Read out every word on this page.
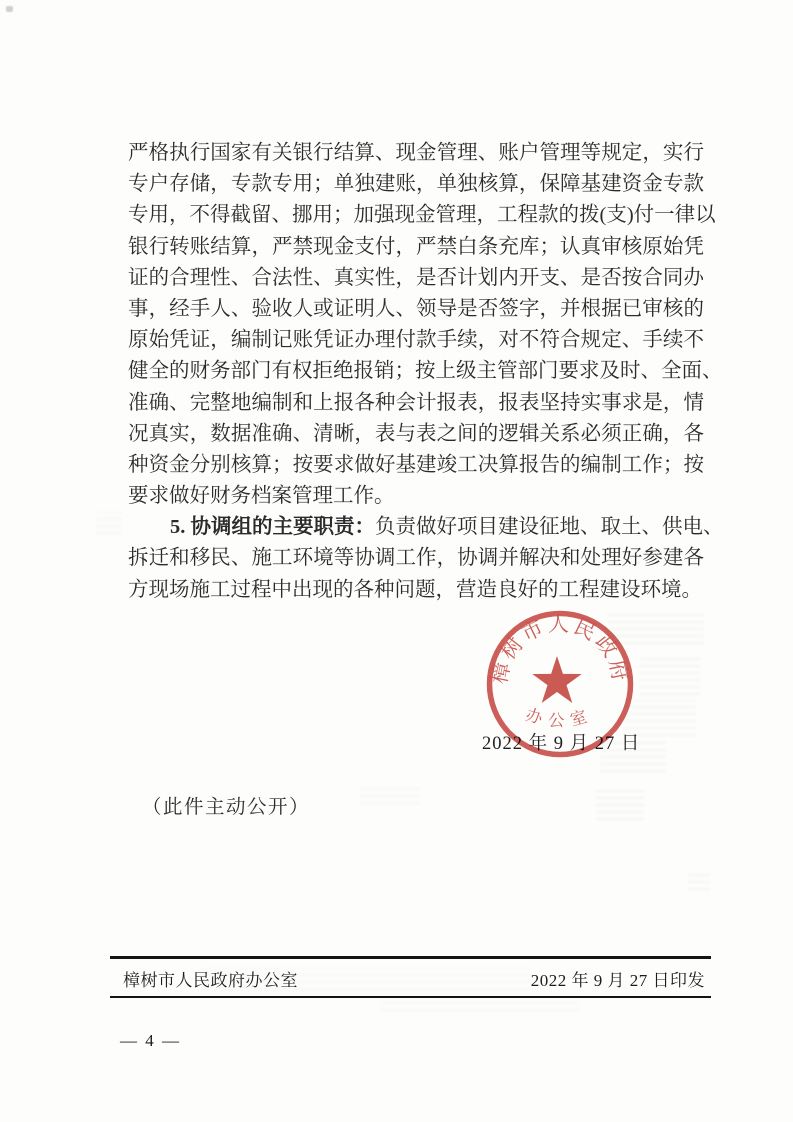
严格执行国家有关银行结算、现金管理、账户管理等规定，实行
专户存储，专款专用；单独建账，单独核算，保障基建资金专款
专用，不得截留、挪用；加强现金管理，工程款的拨(支)付一律以
银行转账结算，严禁现金支付，严禁白条充库；认真审核原始凭
证的合理性、合法性、真实性，是否计划内开支、是否按合同办
事，经手人、验收人或证明人、领导是否签字，并根据已审核的
原始凭证，编制记账凭证办理付款手续，对不符合规定、手续不
健全的财务部门有权拒绝报销；按上级主管部门要求及时、全面、
准确、完整地编制和上报各种会计报表，报表坚持实事求是，情
况真实，数据准确、清晰，表与表之间的逻辑关系必须正确，各
种资金分别核算；按要求做好基建竣工决算报告的编制工作；按
要求做好财务档案管理工作。
5. 协调组的主要职责：负责做好项目建设征地、取土、供电、
拆迁和移民、施工环境等协调工作，协调并解决和处理好参建各
方现场施工过程中出现的各种问题，营造良好的工程建设环境。
2022 年 9 月 27 日
樟树市人民政府
办公室
（此件主动公开）
樟树市人民政府办公室	2022 年 9 月 27 日印发
— 4 —
